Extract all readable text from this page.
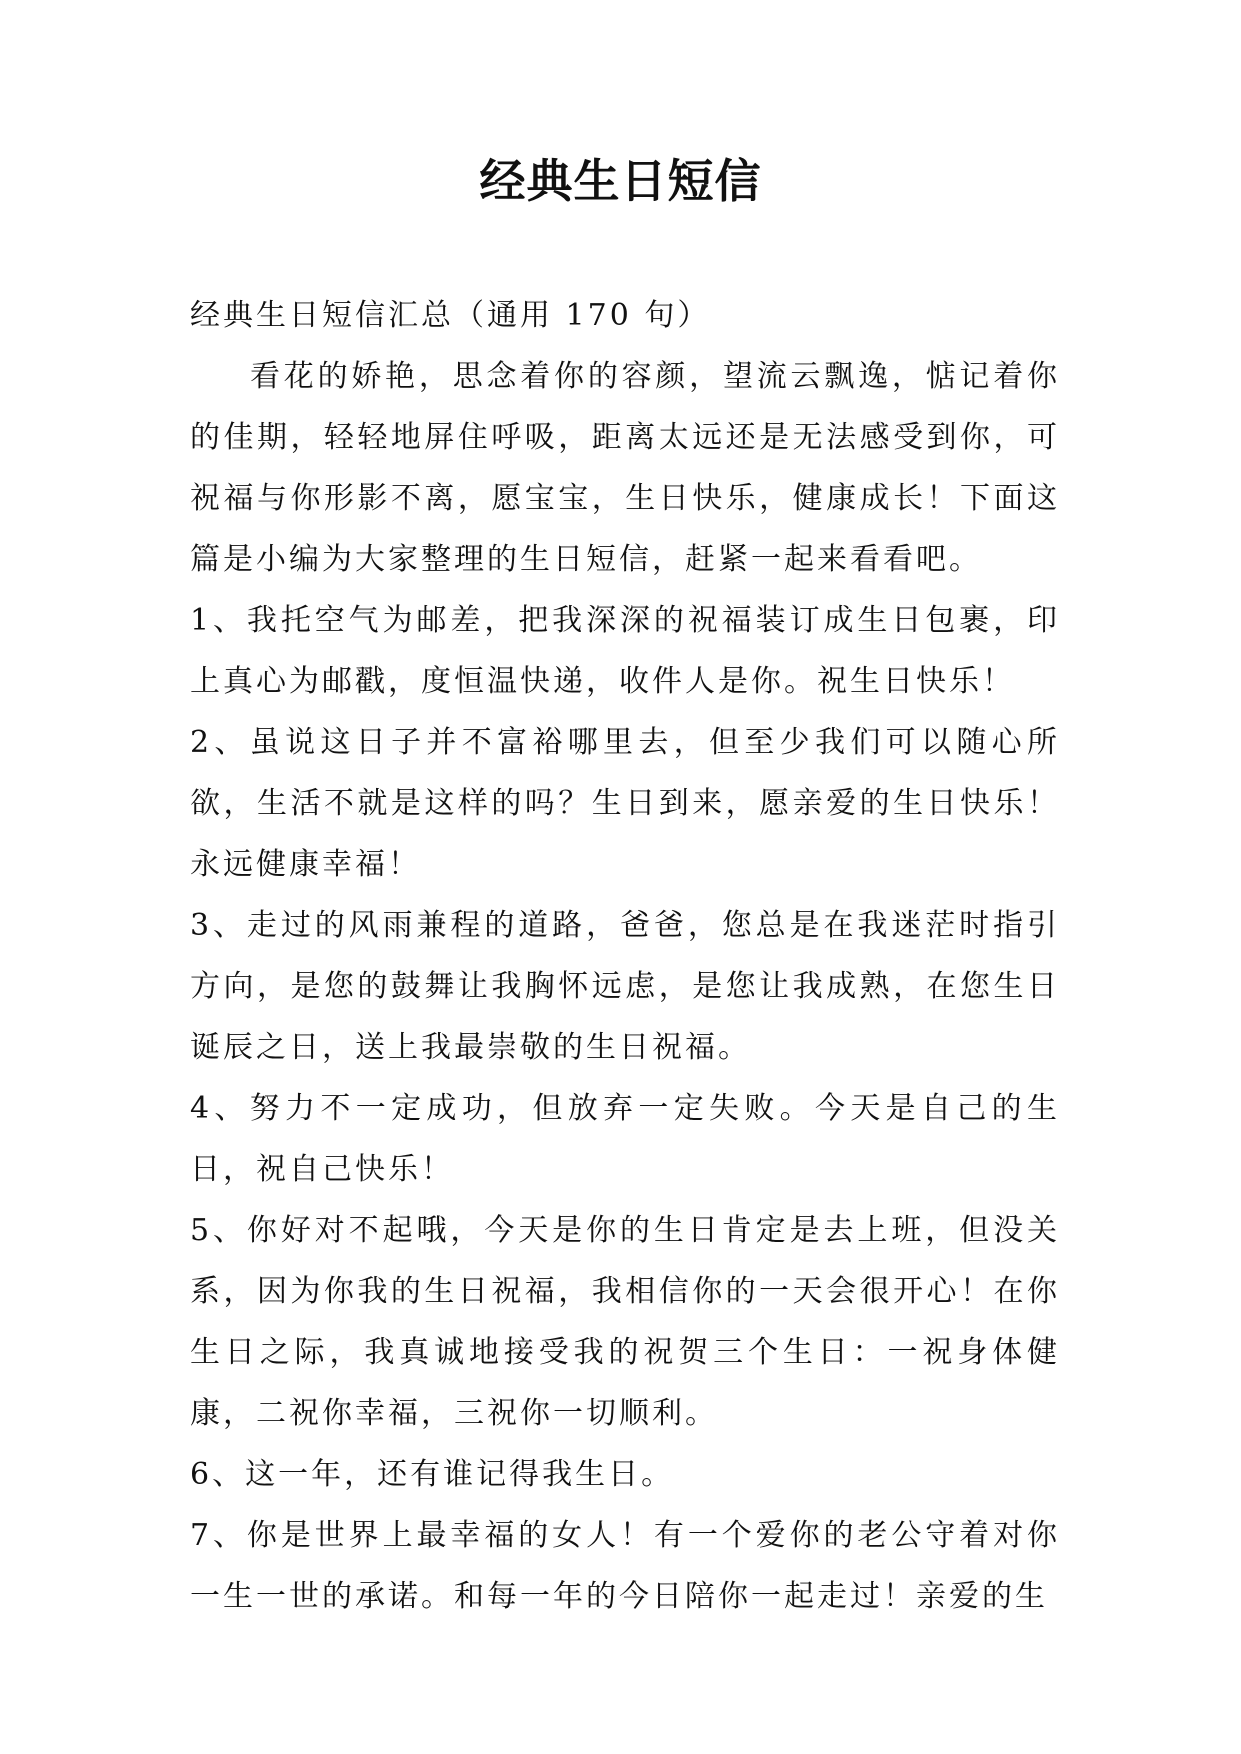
经典生日短信

经典生日短信汇总（通用 170 句）

看花的娇艳，思念着你的容颜，望流云飘逸，惦记着你的佳期，轻轻地屏住呼吸，距离太远还是无法感受到你，可祝福与你形影不离，愿宝宝，生日快乐，健康成长！下面这篇是小编为大家整理的生日短信，赶紧一起来看看吧。

1、我托空气为邮差，把我深深的祝福装订成生日包裹，印上真心为邮戳，度恒温快递，收件人是你。祝生日快乐！

2、虽说这日子并不富裕哪里去，但至少我们可以随心所欲，生活不就是这样的吗？生日到来，愿亲爱的生日快乐！永远健康幸福！

3、走过的风雨兼程的道路，爸爸，您总是在我迷茫时指引方向，是您的鼓舞让我胸怀远虑，是您让我成熟，在您生日诞辰之日，送上我最崇敬的生日祝福。

4、努力不一定成功，但放弃一定失败。今天是自己的生日，祝自己快乐！

5、你好对不起哦，今天是你的生日肯定是去上班，但没关系，因为你我的生日祝福，我相信你的一天会很开心！在你生日之际，我真诚地接受我的祝贺三个生日：一祝身体健康，二祝你幸福，三祝你一切顺利。

6、这一年，还有谁记得我生日。

7、你是世界上最幸福的女人！有一个爱你的老公守着对你一生一世的承诺。和每一年的今日陪你一起走过！亲爱的生
